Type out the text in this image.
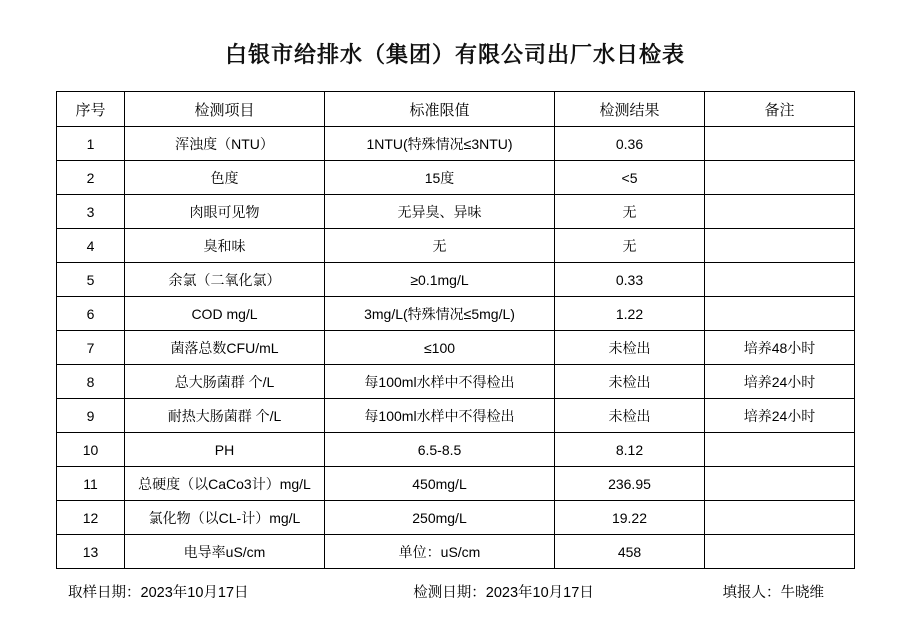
白银市给排水（集团）有限公司出厂水日检表
序号	检测项目	标准限值	检测结果	备注
1	浑浊度（NTU）	1NTU(特殊情况≤3NTU)	0.36	
2	色度	15度	<5	
3	肉眼可见物	无异臭、异味	无	
4	臭和味	无	无	
5	余氯（二氧化氯）	≥0.1mg/L	0.33	
6	COD mg/L	3mg/L(特殊情况≤5mg/L)	1.22	
7	菌落总数CFU/mL	≤100	未检出	培养48小时
8	总大肠菌群 个/L	每100ml水样中不得检出	未检出	培养24小时
9	耐热大肠菌群 个/L	每100ml水样中不得检出	未检出	培养24小时
10	PH	6.5-8.5	8.12	
11	总硬度（以CaCo3计）mg/L	450mg/L	236.95	
12	氯化物（以CL-计）mg/L	250mg/L	19.22	
13	电导率uS/cm	单位：uS/cm	458	
取样日期：2023年10月17日	检测日期：2023年10月17日	填报人：牛晓维
